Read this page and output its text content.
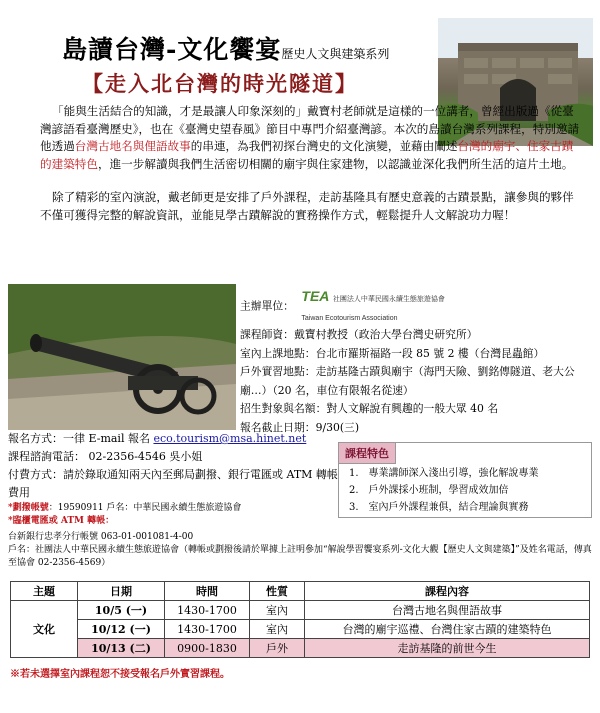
島讀台灣-文化饗宴歷史人文與建築系列
【走入北台灣的時光隧道】
「能與生活結合的知識，才是最讓人印象深刻的」戴寶村老師就是這樣的一位講者，曾經出版過《從臺灣諺語看臺灣歷史》，也在《臺灣史望春風》節目中專門介紹臺灣諺。本次的島讀台灣系列課程，特別邀請他透過台灣古地名與俚語故事的串連，為我們初探台灣史的文化演變，並藉由闡述台灣的廟宇、住家古蹟的建築特色，進一步解讀與我們生活密切相關的廟宇與住家建物，以認識並深化我們所生活的這片土地。
除了精彩的室內演說，戴老師更是安排了戶外課程，走訪基隆具有歷史意義的古蹟景點，讓參與的夥伴不僅可獲得完整的解說資訊，並能見學古蹟解說的實務操作方式，輕鬆提升人文解說功力喔！
主辦單位： TEA 社團法人中華民國永續生態旅遊協會
Taiwan Ecotourism Association
課程師資：戴寶村教授（政治大學台灣史研究所）
室內上課地點：台北市羅斯福路一段 85 號 2 樓（台灣昆蟲館）
戶外實習地點：走訪基隆古蹟與廟宇（海門天險、劉銘傳隧道、老大公廟…）（20 名，車位有限報名從速）
招生對象與名額：對人文解說有興趣的一般大眾 40 名
報名截止日期：9/30(三)
報名方式：一律 E-mail 報名 eco.tourism@msa.hinet.net
課程諮詢電話： 02-2356-4546 吳小姐
付費方式：請於錄取通知兩天內至郵局劃撥、銀行電匯或 ATM 轉帳費用
*劃撥帳號：19590911 戶名：中華民國永續生態旅遊協會
*臨櫃電匯或 ATM 轉帳：
課程特色
1.　專業講師深入淺出引導，強化解說專業
2.　戶外課採小班制，學習成效加倍
3.　室內戶外課程兼俱，結合理論與實務
台新銀行忠孝分行帳號 063-01-001081-4-00
戶名：社團法人中華民國永續生態旅遊協會（轉帳或劃撥後請於單據上註明參加“解說學習饗宴系列-文化大觀【歷史人文與建築】”及姓名電話，傳真至協會 02-2356-4569）
主題	日期	時間	性質	課程內容
文化	10/5 (一)	1430-1700	室內	台灣古地名與俚語故事
	10/12 (一)	1430-1700	室內	台灣的廟宇巡禮、台灣住家古蹟的建築特色
	10/13 (二)	0900-1830	戶外	走訪基隆的前世今生
※若未選擇室內課程恕不接受報名戶外實習課程。
